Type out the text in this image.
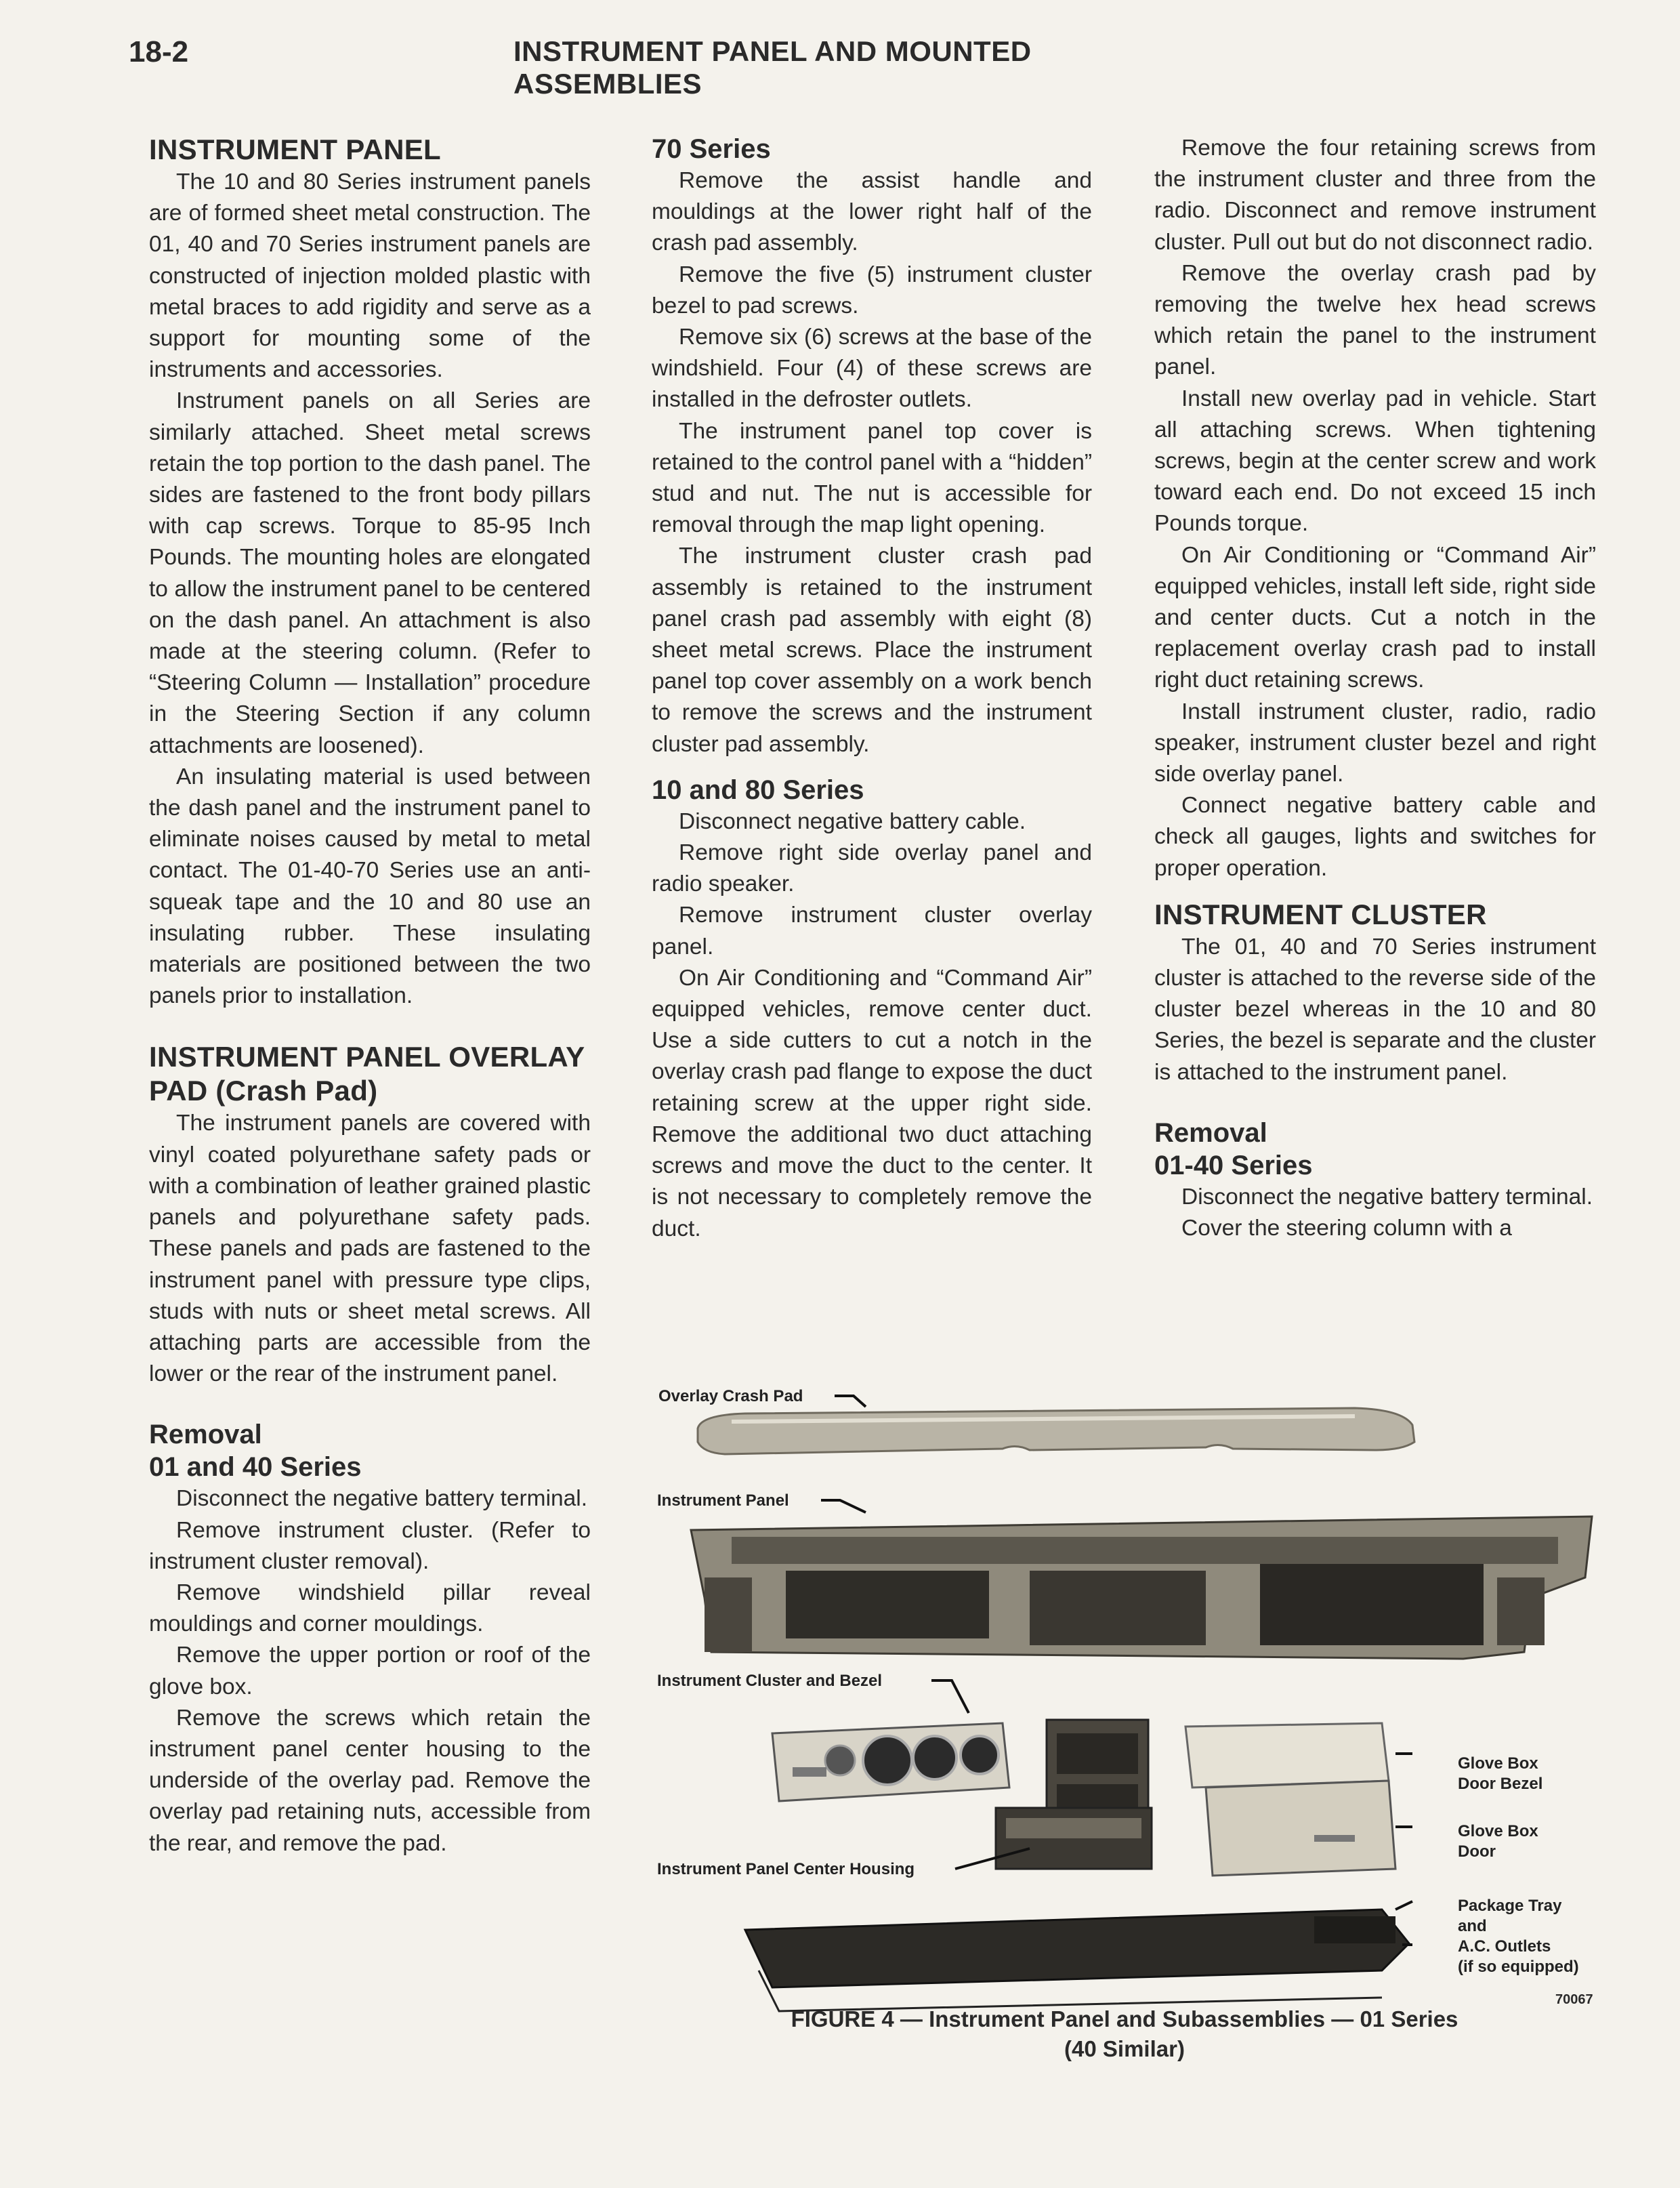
18-2	INSTRUMENT PANEL AND MOUNTED ASSEMBLIES
INSTRUMENT PANEL

The 10 and 80 Series instrument panels are of formed sheet metal construction. The 01, 40 and 70 Series instrument panels are constructed of injection molded plastic with metal braces to add rigidity and serve as a support for mounting some of the instruments and accessories.

Instrument panels on all Series are similarly attached. Sheet metal screws retain the top portion to the dash panel. The sides are fastened to the front body pillars with cap screws. Torque to 85-95 Inch Pounds. The mounting holes are elongated to allow the instrument panel to be centered on the dash panel. An attachment is also made at the steering column. (Refer to “Steering Column — Installation” procedure in the Steering Section if any column attachments are loosened).

An insulating material is used between the dash panel and the instrument panel to eliminate noises caused by metal to metal contact. The 01-40-70 Series use an anti-squeak tape and the 10 and 80 use an insulating rubber. These insulating materials are positioned between the two panels prior to installation.

INSTRUMENT PANEL OVERLAY
PAD (Crash Pad)

The instrument panels are covered with vinyl coated polyurethane safety pads or with a combination of leather grained plastic panels and polyurethane safety pads. These panels and pads are fastened to the instrument panel with pressure type clips, studs with nuts or sheet metal screws. All attaching parts are accessible from the lower or the rear of the instrument panel.

Removal
01 and 40 Series

Disconnect the negative battery terminal.

Remove instrument cluster. (Refer to instrument cluster removal).

Remove windshield pillar reveal mouldings and corner mouldings.

Remove the upper portion or roof of the glove box.

Remove the screws which retain the instrument panel center housing to the underside of the overlay pad. Remove the overlay pad retaining nuts, accessible from the rear, and remove the pad.

70 Series

Remove the assist handle and mouldings at the lower right half of the crash pad assembly.

Remove the five (5) instrument cluster bezel to pad screws.

Remove six (6) screws at the base of the windshield. Four (4) of these screws are installed in the defroster outlets.

The instrument panel top cover is retained to the control panel with a “hidden” stud and nut. The nut is accessible for removal through the map light opening.

The instrument cluster crash pad assembly is retained to the instrument panel crash pad assembly with eight (8) sheet metal screws. Place the instrument panel top cover assembly on a work bench to remove the screws and the instrument cluster pad assembly.

10 and 80 Series

Disconnect negative battery cable.

Remove right side overlay panel and radio speaker.

Remove instrument cluster overlay panel.

On Air Conditioning and “Command Air” equipped vehicles, remove center duct. Use a side cutters to cut a notch in the overlay crash pad flange to expose the duct retaining screw at the upper right side. Remove the additional two duct attaching screws and move the duct to the center. It is not necessary to completely remove the duct.

Remove the four retaining screws from the instrument cluster and three from the radio. Disconnect and remove instrument cluster. Pull out but do not disconnect radio.

Remove the overlay crash pad by removing the twelve hex head screws which retain the panel to the instrument panel.

Install new overlay pad in vehicle. Start all attaching screws. When tightening screws, begin at the center screw and work toward each end. Do not exceed 15 inch Pounds torque.

On Air Conditioning or “Command Air” equipped vehicles, install left side, right side and center ducts. Cut a notch in the replacement overlay crash pad to install right duct retaining screws.

Install instrument cluster, radio, radio speaker, instrument cluster bezel and right side overlay panel.

Connect negative battery cable and check all gauges, lights and switches for proper operation.

INSTRUMENT CLUSTER

The 01, 40 and 70 Series instrument cluster is attached to the reverse side of the cluster bezel whereas in the 10 and 80 Series, the bezel is separate and the cluster is attached to the instrument panel.

Removal
01-40 Series

Disconnect the negative battery terminal.

Cover the steering column with a

Overlay Crash Pad
Instrument Panel
Instrument Cluster and Bezel
Instrument Panel Center Housing
Glove Box
Door Bezel
Glove Box
Door
Package Tray
and
A.C. Outlets
(if so equipped)
70067
FIGURE 4 — Instrument Panel and Subassemblies — 01 Series
(40 Similar)
